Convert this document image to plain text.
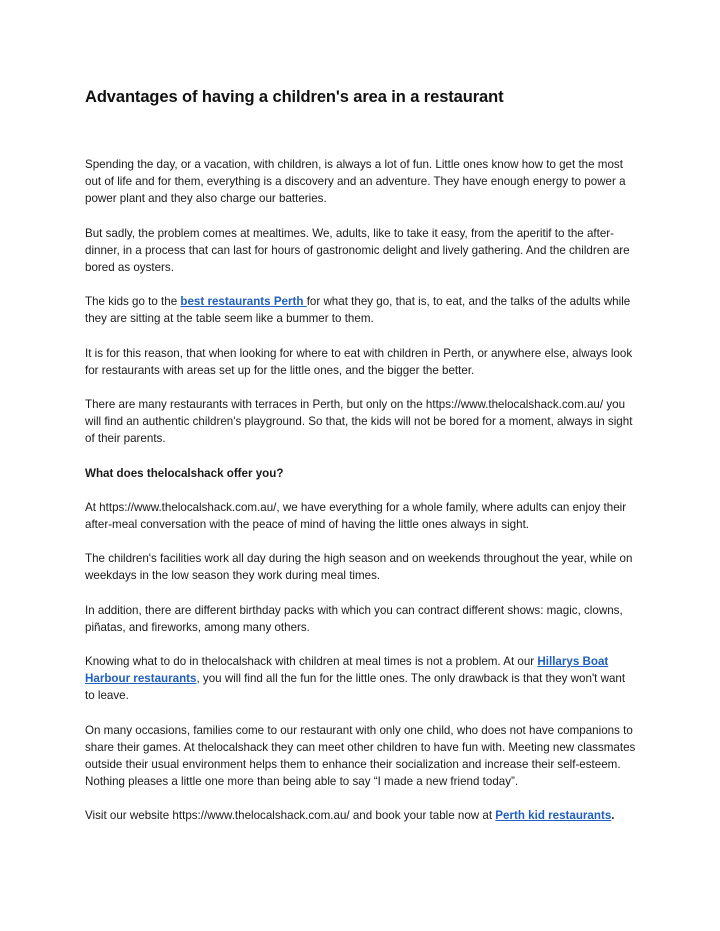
Advantages of having a children's area in a restaurant

Spending the day, or a vacation, with children, is always a lot of fun. Little ones know how to get the most out of life and for them, everything is a discovery and an adventure. They have enough energy to power a power plant and they also charge our batteries.

But sadly, the problem comes at mealtimes. We, adults, like to take it easy, from the aperitif to the after-dinner, in a process that can last for hours of gastronomic delight and lively gathering. And the children are bored as oysters.

The kids go to the best restaurants Perth for what they go, that is, to eat, and the talks of the adults while they are sitting at the table seem like a bummer to them.

It is for this reason, that when looking for where to eat with children in Perth, or anywhere else, always look for restaurants with areas set up for the little ones, and the bigger the better.

There are many restaurants with terraces in Perth, but only on the https://www.thelocalshack.com.au/ you will find an authentic children's playground. So that, the kids will not be bored for a moment, always in sight of their parents.

What does thelocalshack offer you?

At https://www.thelocalshack.com.au/, we have everything for a whole family, where adults can enjoy their after-meal conversation with the peace of mind of having the little ones always in sight.

The children's facilities work all day during the high season and on weekends throughout the year, while on weekdays in the low season they work during meal times.

In addition, there are different birthday packs with which you can contract different shows: magic, clowns, piñatas, and fireworks, among many others.

Knowing what to do in thelocalshack with children at meal times is not a problem. At our Hillarys Boat Harbour restaurants, you will find all the fun for the little ones. The only drawback is that they won't want to leave.

On many occasions, families come to our restaurant with only one child, who does not have companions to share their games. At thelocalshack they can meet other children to have fun with. Meeting new classmates outside their usual environment helps them to enhance their socialization and increase their self-esteem. Nothing pleases a little one more than being able to say “I made a new friend today”.

Visit our website https://www.thelocalshack.com.au/ and book your table now at Perth kid restaurants.
